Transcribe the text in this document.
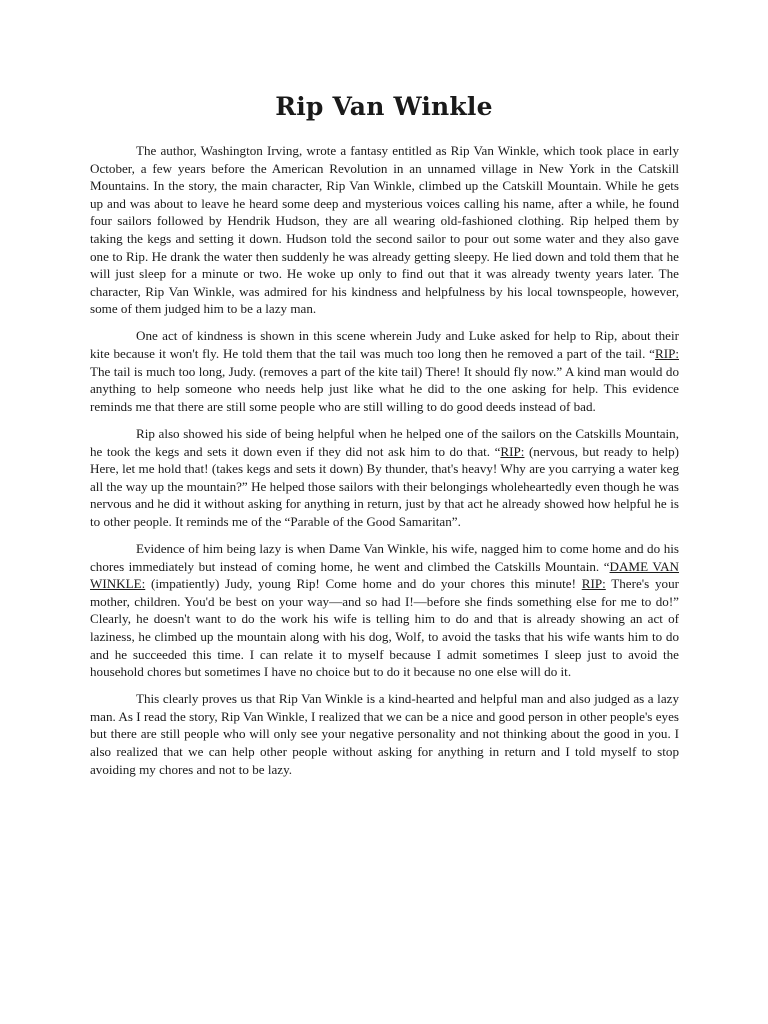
Rip Van Winkle

The author, Washington Irving, wrote a fantasy entitled as Rip Van Winkle, which took place in early October, a few years before the American Revolution in an unnamed village in New York in the Catskill Mountains. In the story, the main character, Rip Van Winkle, climbed up the Catskill Mountain. While he gets up and was about to leave he heard some deep and mysterious voices calling his name, after a while, he found four sailors followed by Hendrik Hudson, they are all wearing old-fashioned clothing. Rip helped them by taking the kegs and setting it down. Hudson told the second sailor to pour out some water and they also gave one to Rip. He drank the water then suddenly he was already getting sleepy. He lied down and told them that he will just sleep for a minute or two. He woke up only to find out that it was already twenty years later. The character, Rip Van Winkle, was admired for his kindness and helpfulness by his local townspeople, however, some of them judged him to be a lazy man.

One act of kindness is shown in this scene wherein Judy and Luke asked for help to Rip, about their kite because it won't fly. He told them that the tail was much too long then he removed a part of the tail. “RIP: The tail is much too long, Judy. (removes a part of the kite tail) There! It should fly now.” A kind man would do anything to help someone who needs help just like what he did to the one asking for help. This evidence reminds me that there are still some people who are still willing to do good deeds instead of bad.

Rip also showed his side of being helpful when he helped one of the sailors on the Catskills Mountain, he took the kegs and sets it down even if they did not ask him to do that. “RIP: (nervous, but ready to help) Here, let me hold that! (takes kegs and sets it down) By thunder, that's heavy! Why are you carrying a water keg all the way up the mountain?” He helped those sailors with their belongings wholeheartedly even though he was nervous and he did it without asking for anything in return, just by that act he already showed how helpful he is to other people. It reminds me of the “Parable of the Good Samaritan”.

Evidence of him being lazy is when Dame Van Winkle, his wife, nagged him to come home and do his chores immediately but instead of coming home, he went and climbed the Catskills Mountain. “DAME VAN WINKLE: (impatiently) Judy, young Rip! Come home and do your chores this minute! RIP: There's your mother, children. You'd be best on your way—and so had I!—before she finds something else for me to do!” Clearly, he doesn't want to do the work his wife is telling him to do and that is already showing an act of laziness, he climbed up the mountain along with his dog, Wolf, to avoid the tasks that his wife wants him to do and he succeeded this time. I can relate it to myself because I admit sometimes I sleep just to avoid the household chores but sometimes I have no choice but to do it because no one else will do it.

This clearly proves us that Rip Van Winkle is a kind-hearted and helpful man and also judged as a lazy man. As I read the story, Rip Van Winkle, I realized that we can be a nice and good person in other people's eyes but there are still people who will only see your negative personality and not thinking about the good in you. I also realized that we can help other people without asking for anything in return and I told myself to stop avoiding my chores and not to be lazy.
